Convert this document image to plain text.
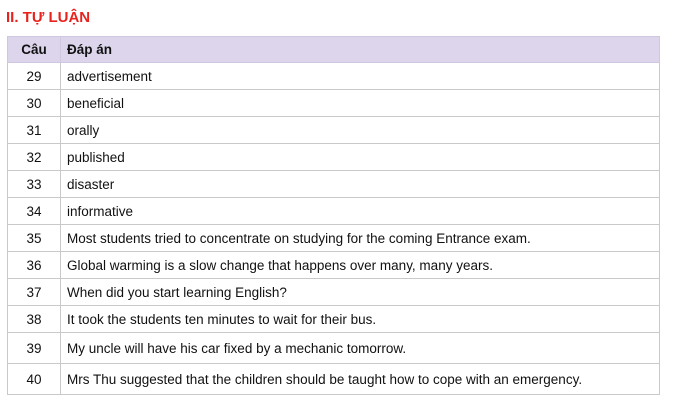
II. TỰ LUẬN
Câu	Đáp án
29	advertisement
30	beneficial
31	orally
32	published
33	disaster
34	informative
35	Most students tried to concentrate on studying for the coming Entrance exam.
36	Global warming is a slow change that happens over many, many years.
37	When did you start learning English?
38	It took the students ten minutes to wait for their bus.
39	My uncle will have his car fixed by a mechanic tomorrow.
40	Mrs Thu suggested that the children should be taught how to cope with an emergency.
